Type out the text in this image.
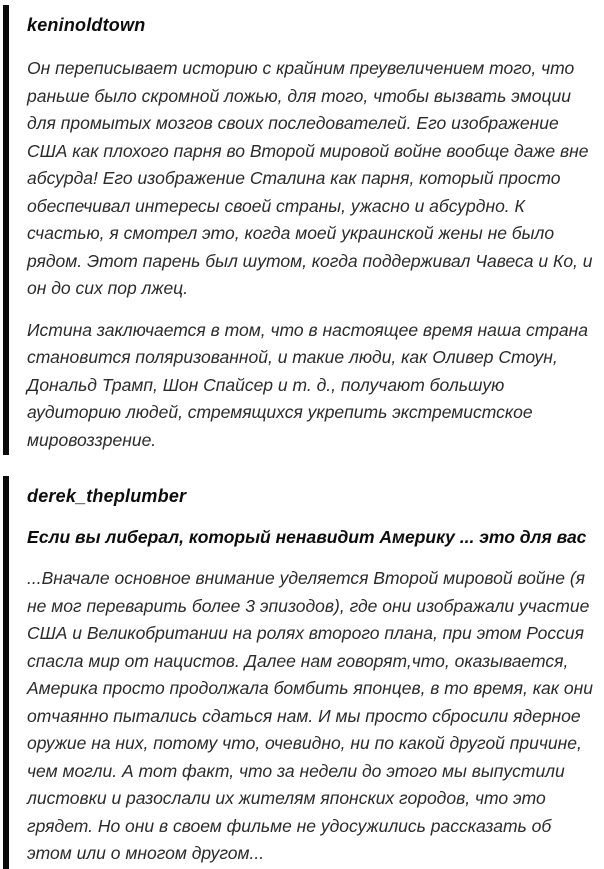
keninoldtown

Он переписывает историю с крайним преувеличением того, что раньше было скромной ложью, для того, чтобы вызвать эмоции для промытых мозгов своих последователей. Его изображение США как плохого парня во Второй мировой войне вообще даже вне абсурда! Его изображение Сталина как парня, который просто обеспечивал интересы своей страны, ужасно и абсурдно. К счастью, я смотрел это, когда моей украинской жены не было рядом. Этот парень был шутом, когда поддерживал Чавеса и Ко, и он до сих пор лжец.

Истина заключается в том, что в настоящее время наша страна становится поляризованной, и такие люди, как Оливер Стоун, Дональд Трамп, Шон Спайсер и т. д., получают большую аудиторию людей, стремящихся укрепить экстремистское мировоззрение.

derek_theplumber

Если вы либерал, который ненавидит Америку ... это для вас

...Вначале основное внимание уделяется Второй мировой войне (я не мог переварить более 3 эпизодов), где они изображали участие США и Великобритании на ролях второго плана, при этом Россия спасла мир от нацистов. Далее нам говорят,что, оказывается, Америка просто продолжала бомбить японцев, в то время, как они отчаянно пытались сдаться нам. И мы просто сбросили ядерное оружие на них, потому что, очевидно, ни по какой другой причине, чем могли. А тот факт, что за недели до этого мы выпустили листовки и разослали их жителям японских городов, что это грядет. Но они в своем фильме не удосужились рассказать об этом или о многом другом...
